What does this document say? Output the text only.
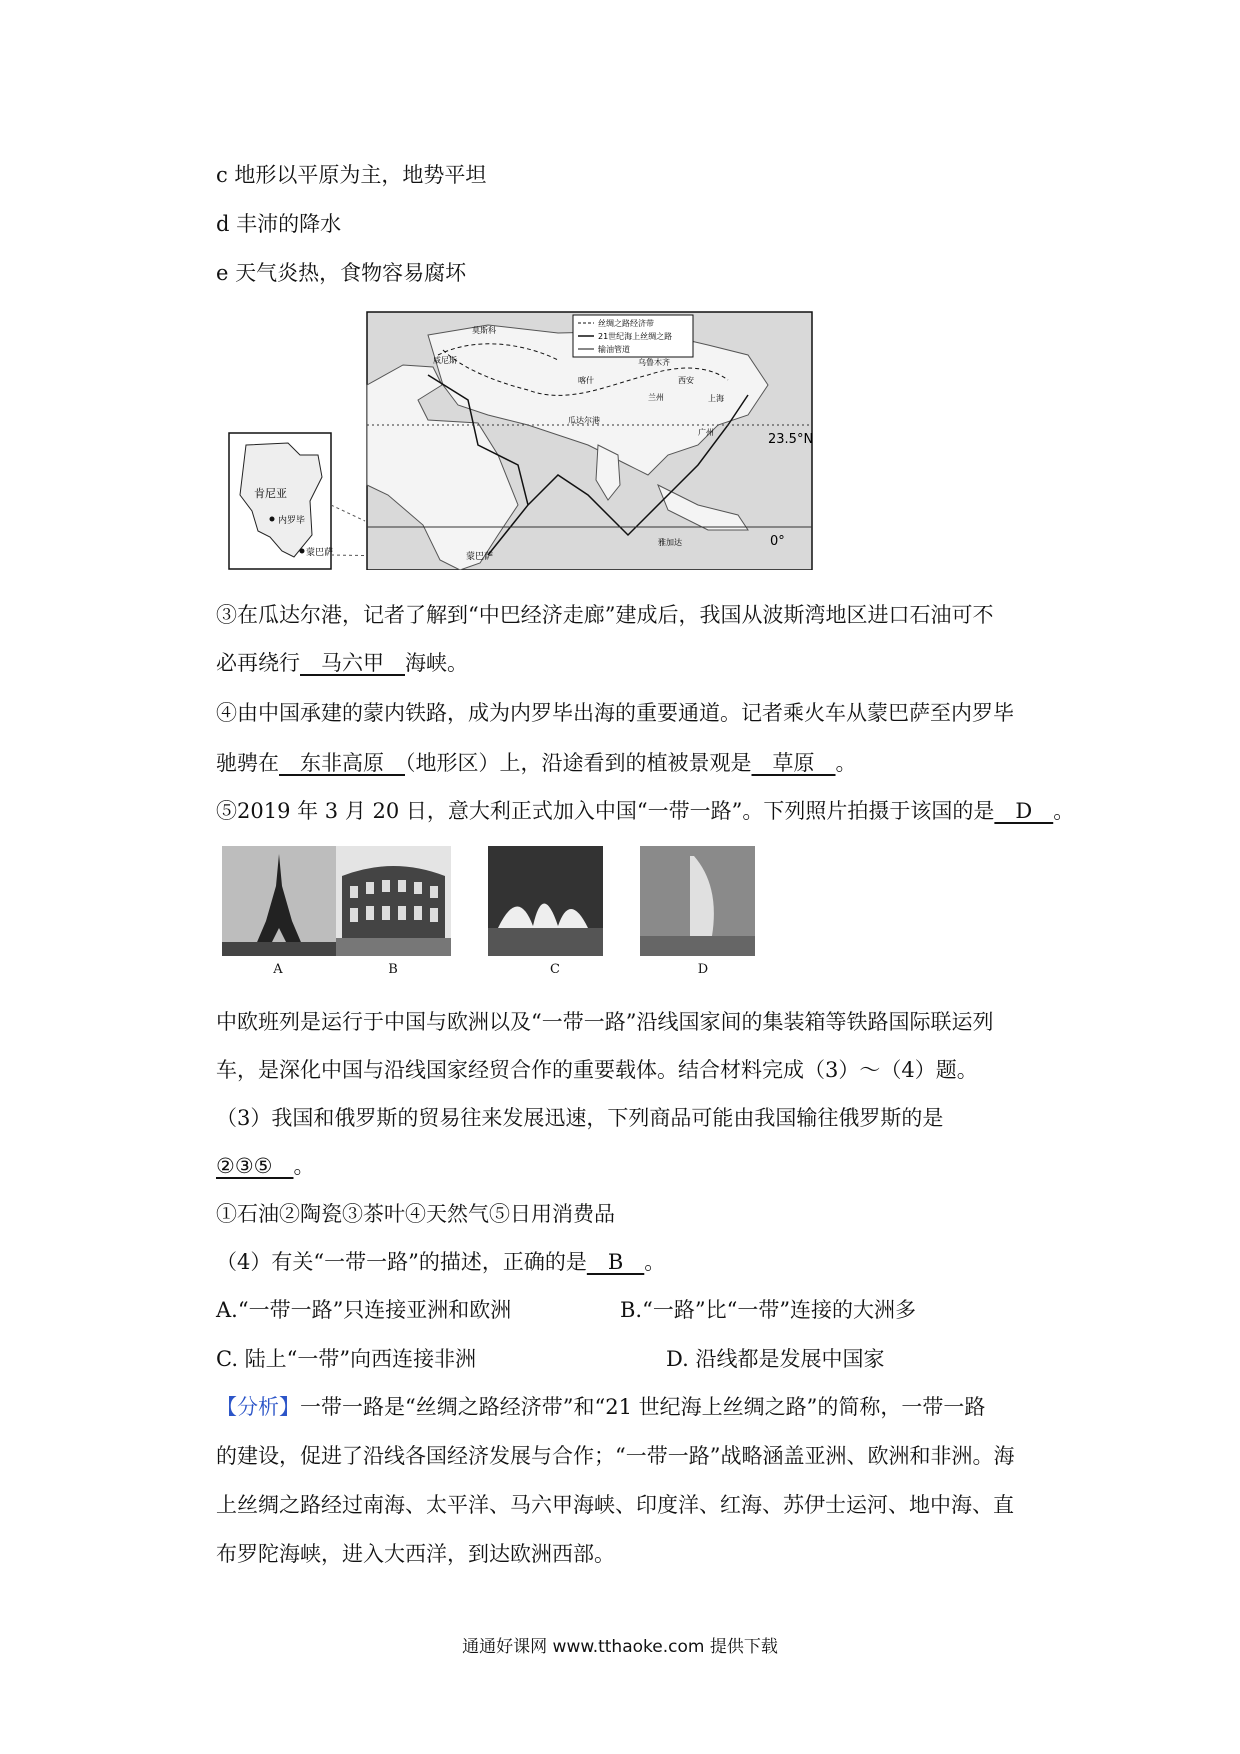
c 地形以平原为主，地势平坦
d 丰沛的降水
e 天气炎热，食物容易腐坏
肯尼亚
内罗毕
蒙巴萨
丝绸之路经济带
21世纪海上丝绸之路
输油管道
23.5°N
0°
莫斯科
威尼斯	乌鲁木齐
喀什	西安
兰州	上海
广州
瓜达尔港
蒙巴萨
雅加达
③在瓜达尔港，记者了解到“中巴经济走廊”建成后，我国从波斯湾地区进口石油可不
必再绕行　马六甲　海峡。
④由中国承建的蒙内铁路，成为内罗毕出海的重要通道。记者乘火车从蒙巴萨至内罗毕
驰骋在　东非高原　（地形区）上，沿途看到的植被景观是　草原　。
⑤2019 年 3 月 20 日，意大利正式加入中国“一带一路”。下列照片拍摄于该国的是　D　。
A	B	C	D
中欧班列是运行于中国与欧洲以及“一带一路”沿线国家间的集装箱等铁路国际联运列
车，是深化中国与沿线国家经贸合作的重要载体。结合材料完成（3）～（4）题。
（3）我国和俄罗斯的贸易往来发展迅速，下列商品可能由我国输往俄罗斯的是
②③⑤　。
①石油②陶瓷③茶叶④天然气⑤日用消费品
（4）有关“一带一路”的描述，正确的是　B　。
A.“一带一路”只连接亚洲和欧洲	B.“一路”比“一带”连接的大洲多
C. 陆上“一带”向西连接非洲	D. 沿线都是发展中国家
【分析】一带一路是“丝绸之路经济带”和“21 世纪海上丝绸之路”的简称，一带一路
的建设，促进了沿线各国经济发展与合作；“一带一路”战略涵盖亚洲、欧洲和非洲。海
上丝绸之路经过南海、太平洋、马六甲海峡、印度洋、红海、苏伊士运河、地中海、直
布罗陀海峡，进入大西洋，到达欧洲西部。
通通好课网 www.tthaoke.com 提供下载
